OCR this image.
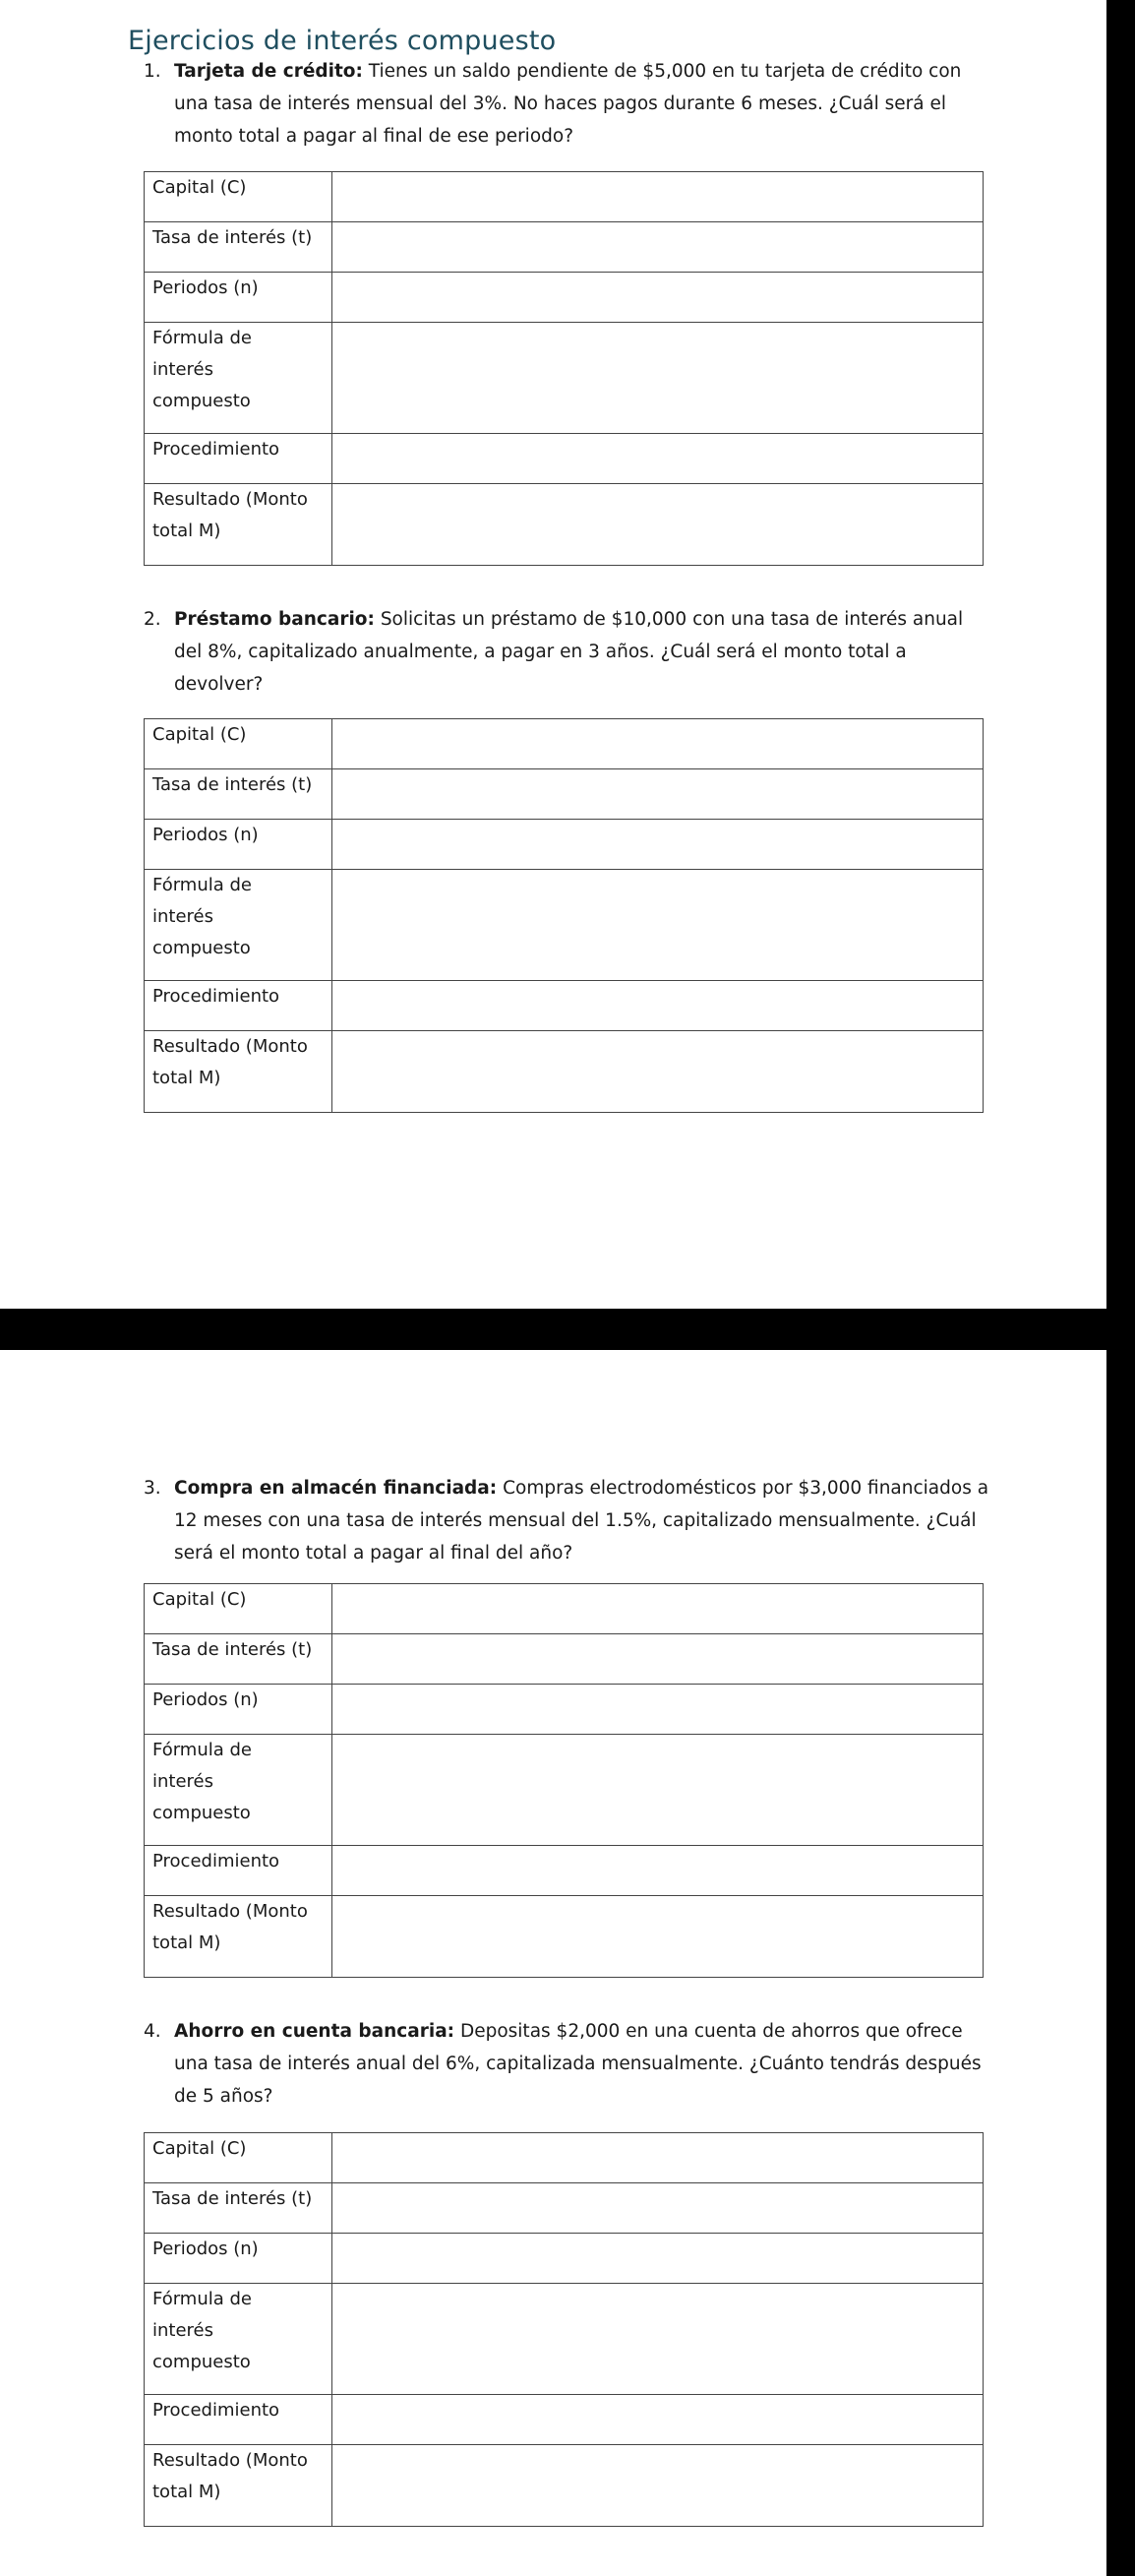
Ejercicios de interés compuesto
1. Tarjeta de crédito: Tienes un saldo pendiente de $5,000 en tu tarjeta de crédito con una tasa de interés mensual del 3%. No haces pagos durante 6 meses. ¿Cuál será el monto total a pagar al final de ese periodo?
Capital (C)	
Tasa de interés (t)	
Periodos (n)	

Fórmula de interés compuesto	

Procedimiento	
Resultado (Monto total M)	
2. Préstamo bancario: Solicitas un préstamo de $10,000 con una tasa de interés anual del 8%, capitalizado anualmente, a pagar en 3 años. ¿Cuál será el monto total a devolver?
Capital (C)	
Tasa de interés (t)	
Periodos (n)	

Fórmula de interés compuesto	

Procedimiento	
Resultado (Monto total M)	
3. Compra en almacén financiada: Compras electrodomésticos por $3,000 financiados a 12 meses con una tasa de interés mensual del 1.5%, capitalizado mensualmente. ¿Cuál será el monto total a pagar al final del año?
Capital (C)	
Tasa de interés (t)	
Periodos (n)	

Fórmula de interés compuesto	

Procedimiento	
Resultado (Monto total M)	
4. Ahorro en cuenta bancaria: Depositas $2,000 en una cuenta de ahorros que ofrece una tasa de interés anual del 6%, capitalizada mensualmente. ¿Cuánto tendrás después de 5 años?
Capital (C)	
Tasa de interés (t)	
Periodos (n)	

Fórmula de interés compuesto	

Procedimiento	
Resultado (Monto total M)	
